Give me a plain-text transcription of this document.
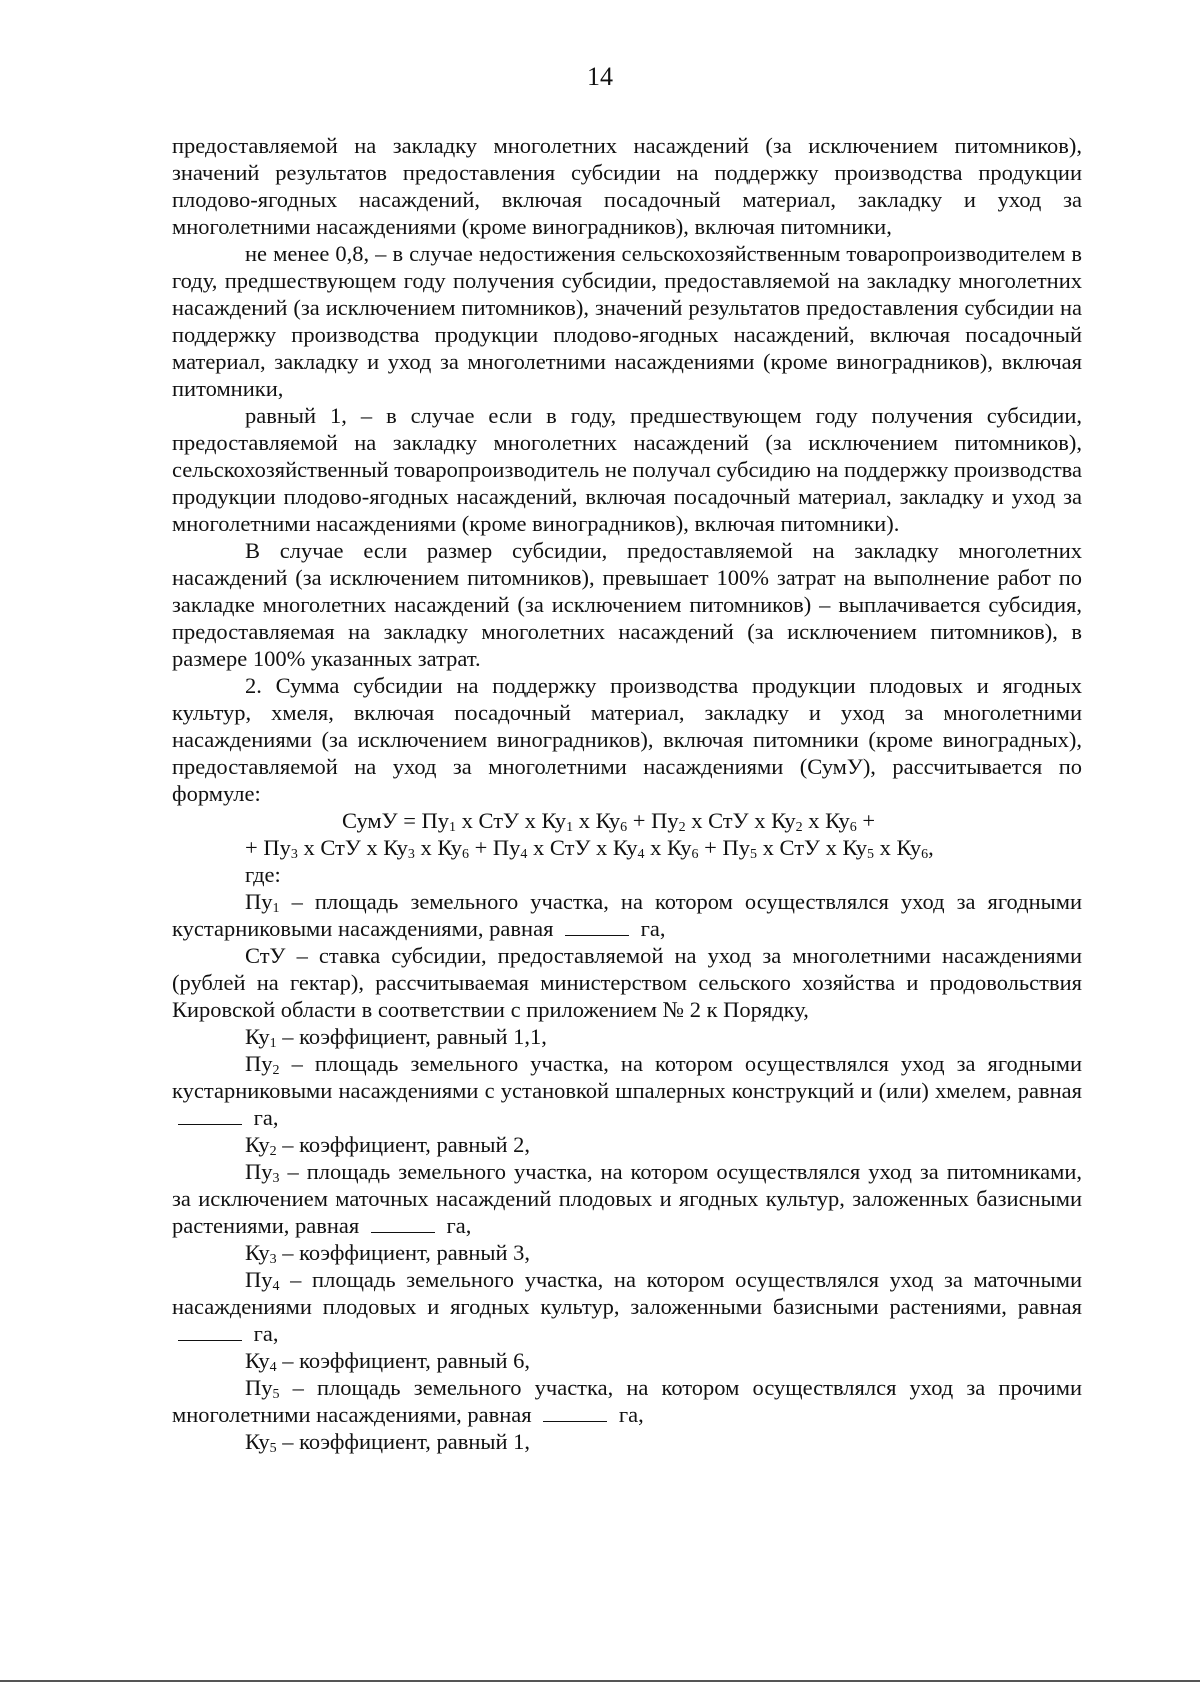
14

предоставляемой на закладку многолетних насаждений (за исключением питомников), значений результатов предоставления субсидии на поддержку производства продукции плодово-ягодных насаждений, включая посадочный материал, закладку и уход за многолетними насаждениями (кроме виноградников), включая питомники,

не менее 0,8, – в случае недостижения сельскохозяйственным товаропроизводителем в году, предшествующем году получения субсидии, предоставляемой на закладку многолетних насаждений (за исключением питомников), значений результатов предоставления субсидии на поддержку производства продукции плодово-ягодных насаждений, включая посадочный материал, закладку и уход за многолетними насаждениями (кроме виноградников), включая питомники,

равный 1, – в случае если в году, предшествующем году получения субсидии, предоставляемой на закладку многолетних насаждений (за исключением питомников), сельскохозяйственный товаропроизводитель не получал субсидию на поддержку производства продукции плодово-ягодных насаждений, включая посадочный материал, закладку и уход за многолетними насаждениями (кроме виноградников), включая питомники).

В случае если размер субсидии, предоставляемой на закладку многолетних насаждений (за исключением питомников), превышает 100% затрат на выполнение работ по закладке многолетних насаждений (за исключением питомников) – выплачивается субсидия, предоставляемая на закладку многолетних насаждений (за исключением питомников), в размере 100% указанных затрат.

2. Сумма субсидии на поддержку производства продукции плодовых и ягодных культур, хмеля, включая посадочный материал, закладку и уход за многолетними насаждениями (за исключением виноградников), включая питомники (кроме виноградных), предоставляемой на уход за многолетними насаждениями (СумУ), рассчитывается по формуле:

СумУ = $Пу_1$ х СтУ х $Ку_1$ х $Ку_6 + Пу_2$ х СтУ х $Ку_2$ х $Ку_6$ +

+ $Пу_3$ х СтУ х $Ку_3$ х $Ку_6 + Пу_4$ х СтУ х $Ку_4$ х $Ку_6 + Пу_5$ х СтУ х $Ку_5$ х $Ку_6$,

где:

$Пу_1$ – площадь земельного участка, на котором осуществлялся уход за ягодными кустарниковыми насаждениями, равная	га,

СтУ – ставка субсидии, предоставляемой на уход за многолетними насаждениями (рублей на гектар), рассчитываемая министерством сельского хозяйства и продовольствия Кировской области в соответствии с приложением № 2 к Порядку,

$Ку_1$ – коэффициент, равный 1,1,

$Пу_2$ – площадь земельного участка, на котором осуществлялся уход за ягодными кустарниковыми насаждениями с установкой шпалерных конструкций и (или) хмелем, равная  га,

$Ку_2$ – коэффициент, равный 2,

$Пу_3$ – площадь земельного участка, на котором осуществлялся уход за питомниками, за исключением маточных насаждений плодовых и ягодных культур, заложенных базисными растениями, равная	га,

$Ку_3$ – коэффициент, равный 3,

$Пу_4$ – площадь земельного участка, на котором осуществлялся уход за маточными насаждениями плодовых и ягодных культур, заложенными базисными растениями, равная  га,

$Ку_4$ – коэффициент, равный 6,

$Пу_5$ – площадь земельного участка, на котором осуществлялся уход за прочими многолетними насаждениями, равная	га,

$Ку_5$ – коэффициент, равный 1,
